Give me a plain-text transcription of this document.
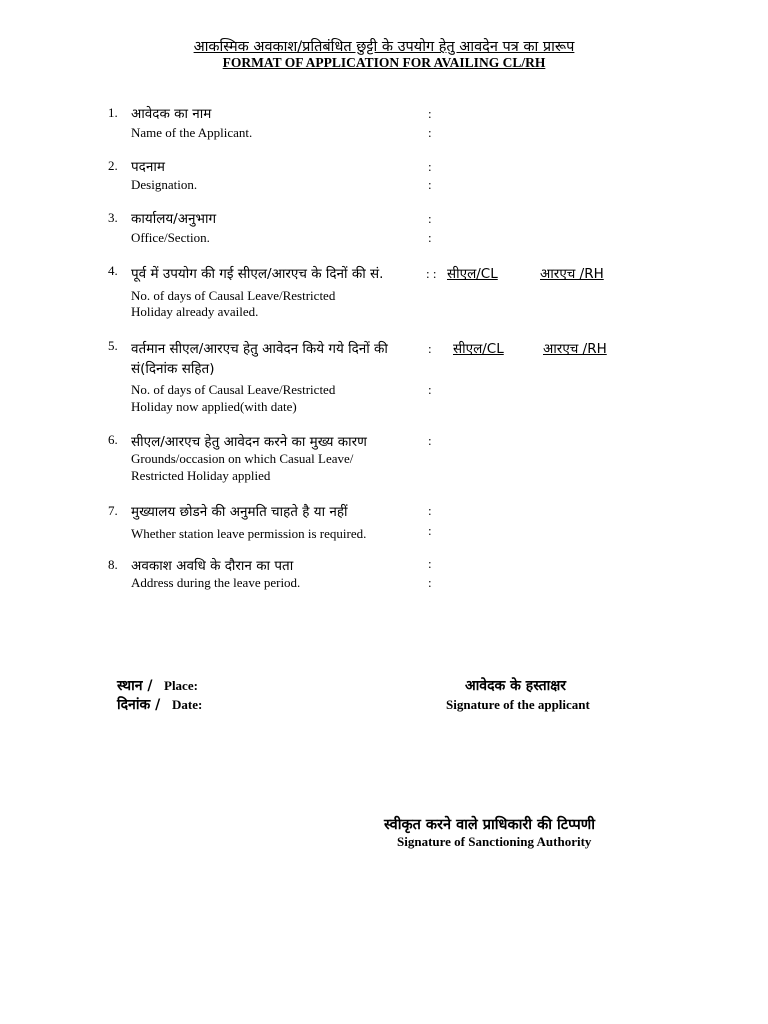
आकस्मिक अवकाश/प्रतिबंधित छुट्टी के उपयोग हेतु आवदेन पत्र का प्रारूप
FORMAT OF APPLICATION FOR AVAILING CL/RH
1. आवेदक का नाम
Name of the Applicant.
:
:
2. पदनाम
Designation.
:
:
3. कार्यालय/अनुभाग
Office/Section.
:
:
4. पूर्व में उपयोग की गई सीएल/आरएच के दिनों की सं.
No. of days of Causal Leave/Restricted
Holiday already availed.
: : सीएल/CL	आरएच /RH
5. वर्तमान सीएल/आरएच हेतु आवेदन किये गये दिनों की
सं(दिनांक सहित)
No. of days of Causal Leave/Restricted
Holiday now applied(with date)
:
:
सीएल/CL	आरएच /RH
6. सीएल/आरएच हेतु आवेदन करने का मुख्य कारण
Grounds/occasion on which Casual Leave/
Restricted Holiday applied
:
7. मुख्यालय छोडने की अनुमति चाहते है या नहीं
Whether station leave permission is required.
:
:
8. अवकाश अवधि के दौरान का पता
Address during the leave period.
:
:
स्थान / Place:
दिनांक / Date:
आवेदक के हस्ताक्षर
Signature of the applicant
स्वीकृत करने वाले प्राधिकारी की टिप्पणी
Signature of Sanctioning Authority
